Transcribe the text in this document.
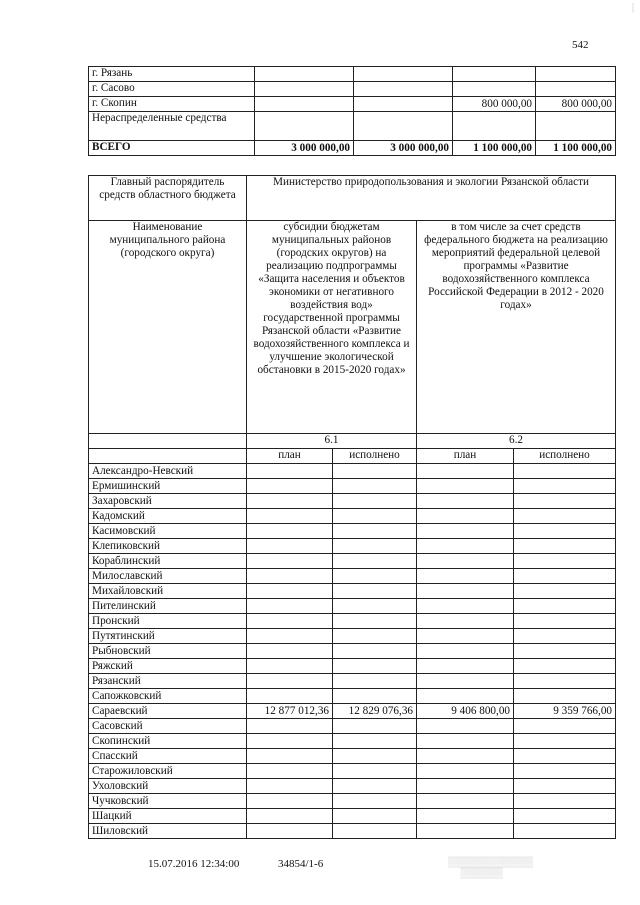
542
г. Рязань				
г. Сасово				
г. Скопин			800 000,00	800 000,00
Нераспределенные средства				
ВСЕГО	3 000 000,00	3 000 000,00	1 100 000,00	1 100 000,00
Главный распорядитель средств областного бюджета	Министерство природопользования и экологии Рязанской области			
Наименование муниципального района (городского округа)	субсидии бюджетам муниципальных районов (городских округов) на реализацию подпрограммы «Защита населения и объектов экономики от негативного воздействия вод» государственной программы Рязанской области «Развитие водохозяйственного комплекса и улучшение экологической обстановки в 2015-2020 годах»		в том числе за счет средств федерального бюджета на реализацию мероприятий федеральной целевой программы «Развитие водохозяйственного комплекса Российской Федерации в 2012 - 2020 годах»	
	6.1		6.2	
	план	исполнено	план	исполнено
Александро-Невский				
Ермишинский				
Захаровский				
Кадомский				
Касимовский				
Клепиковский				
Кораблинский				
Милославский				
Михайловский				
Пителинский				
Пронский				
Путятинский				
Рыбновский				
Ряжский				
Рязанский				
Сапожковский				
Сараевский	12 877 012,36	12 829 076,36	9 406 800,00	9 359 766,00
Сасовский				
Скопинский				
Спасский				
Старожиловский				
Ухоловский				
Чучковский				
Шацкий				
Шиловский				
15.07.2016 12:34:00	34854/1-6	▒▒▒▒▒▒▒▒▒▒▒▒
▒▒▒▒▒▒
|
